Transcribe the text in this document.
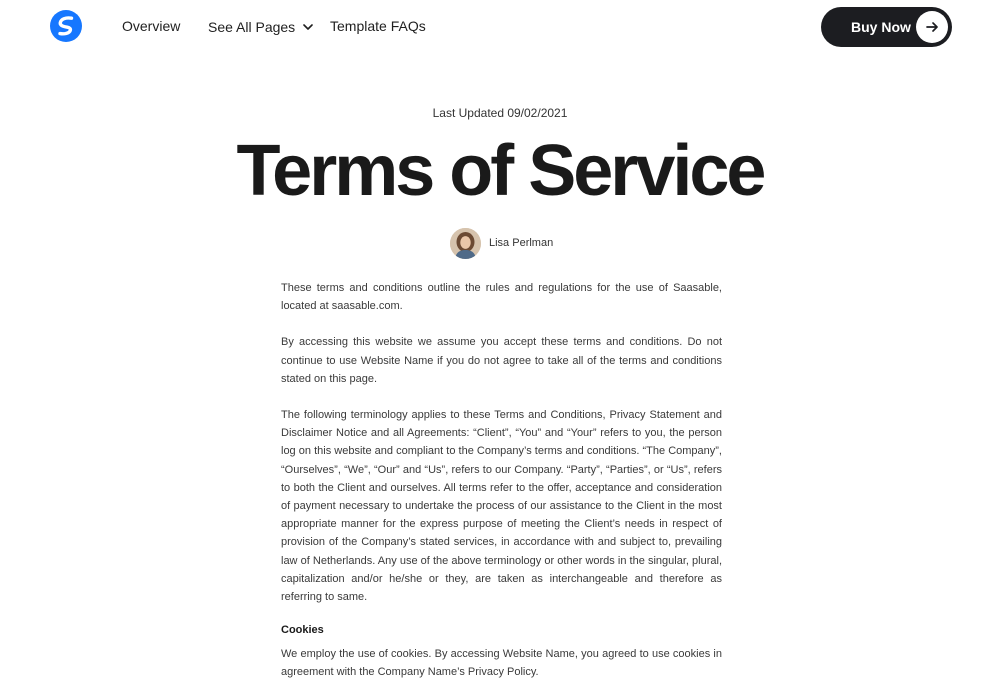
Overview See All Pages	Template FAQs	Buy Now
Last Updated 09/02/2021
Terms of Service
Lisa Perlman

These terms and conditions outline the rules and regulations for the use of Saasable, located at saasable.com.

By accessing this website we assume you accept these terms and conditions. Do not continue to use Website Name if you do not agree to take all of the terms and conditions stated on this page.

The following terminology applies to these Terms and Conditions, Privacy Statement and Disclaimer Notice and all Agreements: “Client”, “You” and “Your” refers to you, the person log on this website and compliant to the Company’s terms and conditions. “The Company”, “Ourselves”, “We”, “Our” and “Us”, refers to our Company. “Party”, “Parties”, or “Us”, refers to both the Client and ourselves. All terms refer to the offer, acceptance and consideration of payment necessary to undertake the process of our assistance to the Client in the most appropriate manner for the express purpose of meeting the Client’s needs in respect of provision of the Company’s stated services, in accordance with and subject to, prevailing law of Netherlands. Any use of the above terminology or other words in the singular, plural, capitalization and/or he/she or they, are taken as interchangeable and therefore as referring to same.

Cookies

We employ the use of cookies. By accessing Website Name, you agreed to use cookies in agreement with the Company Name’s Privacy Policy.
